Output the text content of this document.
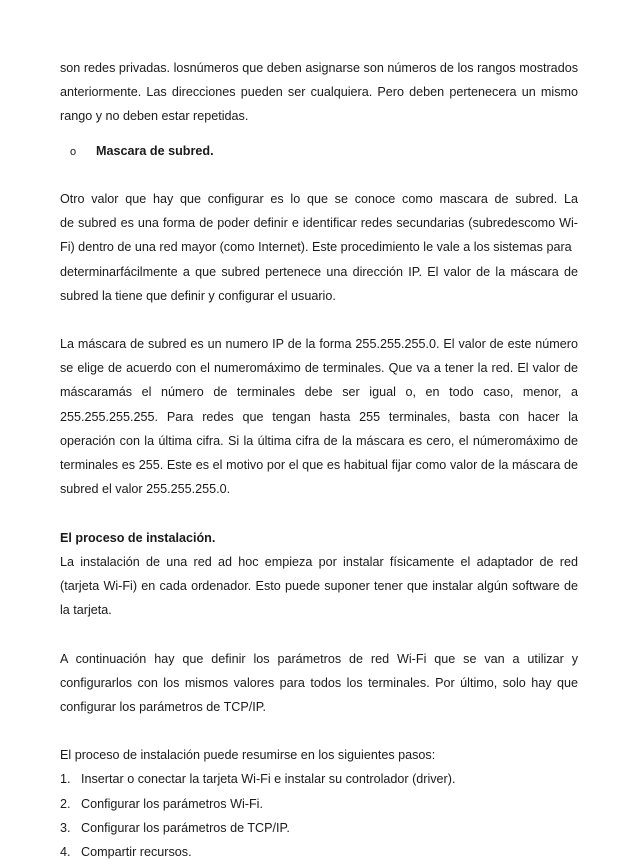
son redes privadas. losnúmeros que deben asignarse son números de los rangos mostrados
anteriormente. Las direcciones pueden ser cualquiera. Pero deben pertenecera un mismo
rango y no deben estar repetidas.
o Mascara de subred.
Otro valor que hay que configurar es lo que se conoce como mascara de subred. La
de subred es una forma de poder definir e identificar redes secundarias (subredescomo Wi-
Fi) dentro de una red mayor (como Internet). Este procedimiento le vale a los sistemas para
determinarfácilmente a que subred pertenece una dirección IP. El valor de la máscara de
subred la tiene que definir y configurar el usuario.
La máscara de subred es un numero IP de la forma 255.255.255.0. El valor de este número
se elige de acuerdo con el numeromáximo de terminales. Que va a tener la red. El valor de
máscaramás el número de terminales debe ser igual o, en todo caso, menor, a
255.255.255.255. Para redes que tengan hasta 255 terminales, basta con hacer la
operación con la última cifra. Si la última cifra de la máscara es cero, el númeromáximo de
terminales es 255. Este es el motivo por el que es habitual fijar como valor de la máscara de
subred el valor 255.255.255.0.
El proceso de instalación.
La instalación de una red ad hoc empieza por instalar físicamente el adaptador de red
(tarjeta Wi-Fi) en cada ordenador. Esto puede suponer tener que instalar algún software de
la tarjeta.
A continuación hay que definir los parámetros de red Wi-Fi que se van a utilizar y
configurarlos con los mismos valores para todos los terminales. Por último, solo hay que
configurar los parámetros de TCP/IP.
El proceso de instalación puede resumirse en los siguientes pasos:
1. Insertar o conectar la tarjeta Wi-Fi e instalar su controlador (driver).
2. Configurar los parámetros Wi-Fi.
3. Configurar los parámetros de TCP/IP.
4. Compartir recursos.
